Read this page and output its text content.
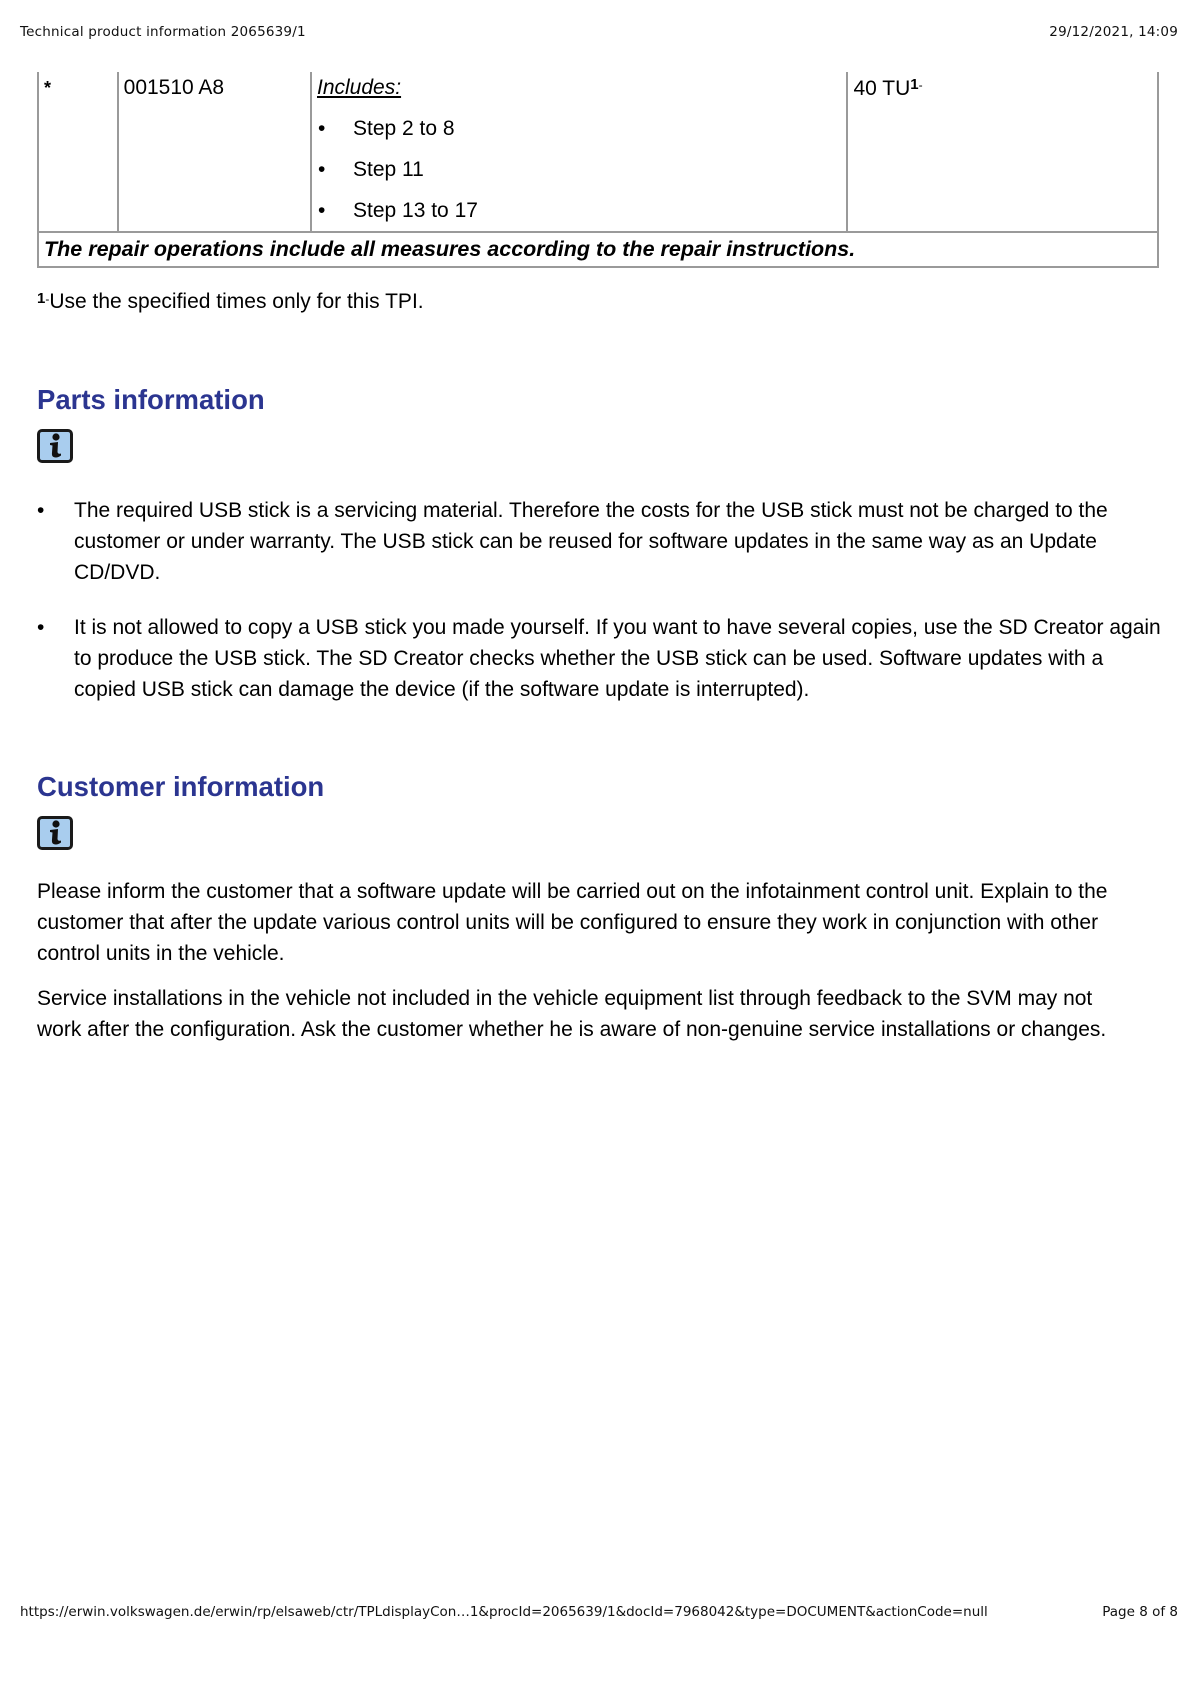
Technical product information 2065639/1	29/12/2021, 14:09
*	001510 A8	Includes:
• Step 2 to 8
• Step 11
• Step 13 to 17
	40 TU$^{1-}$
The repair operations include all measures according to the repair instructions.
$^{1-}$Use the specified times only for this TPI.
Parts information
• The required USB stick is a servicing material. Therefore the costs for the USB stick must not be charged to the customer or under warranty. The USB stick can be reused for software updates in the same way as an Update CD/DVD.
• It is not allowed to copy a USB stick you made yourself. If you want to have several copies, use the SD Creator again to produce the USB stick. The SD Creator checks whether the USB stick can be used. Software updates with a copied USB stick can damage the device (if the software update is interrupted).
Customer information

Please inform the customer that a software update will be carried out on the infotainment control unit. Explain to the customer that after the update various control units will be configured to ensure they work in conjunction with other control units in the vehicle.

Service installations in the vehicle not included in the vehicle equipment list through feedback to the SVM may not work after the configuration. Ask the customer whether he is aware of non-genuine service installations or changes.

https://erwin.volkswagen.de/erwin/rp/elsaweb/ctr/TPLdisplayCon…1&procId=2065639/1&docId=7968042&type=DOCUMENT&actionCode=null	Page 8 of 8
